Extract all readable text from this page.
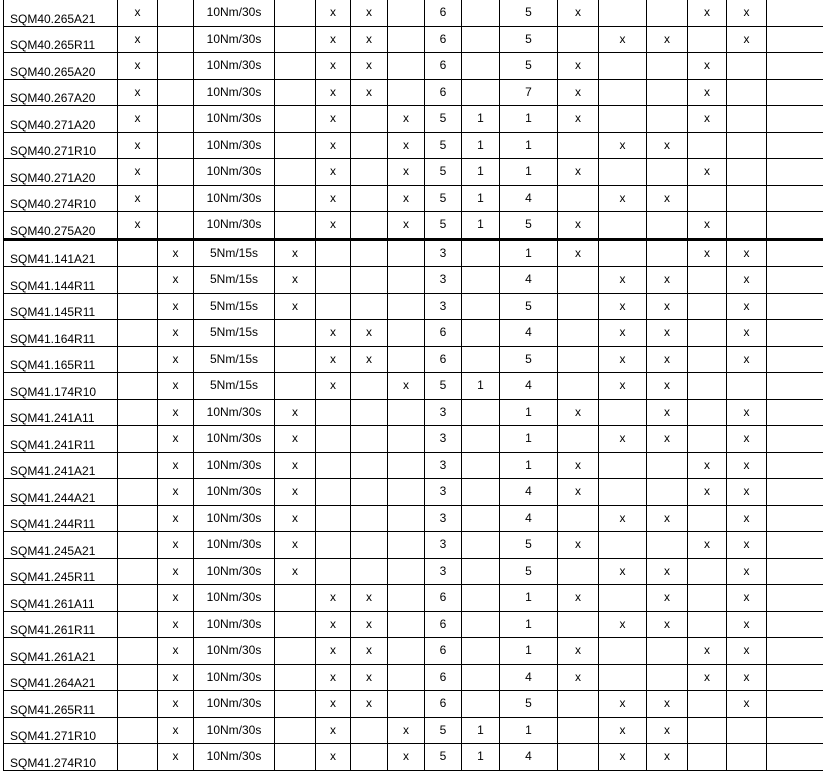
SQM40.265A21	x		10Nm/30s		x	x		6		5	x			x	x	

SQM40.265R11	x		10Nm/30s		x	x		6		5		x	x		x	

SQM40.265A20	x		10Nm/30s		x	x		6		5	x			x		

SQM40.267A20	x		10Nm/30s		x	x		6		7	x			x		

SQM40.271A20	x		10Nm/30s		x		x	5	1	1	x			x		

SQM40.271R10	x		10Nm/30s		x		x	5	1	1		x	x			

SQM40.271A20	x		10Nm/30s		x		x	5	1	1	x			x		

SQM40.274R10	x		10Nm/30s		x		x	5	1	4		x	x			

SQM40.275A20	x		10Nm/30s		x		x	5	1	5	x			x		

SQM41.141A21		x	5Nm/15s	x				3		1	x			x	x	

SQM41.144R11		x	5Nm/15s	x				3		4		x	x		x	

SQM41.145R11		x	5Nm/15s	x				3		5		x	x		x	

SQM41.164R11		x	5Nm/15s		x	x		6		4		x	x		x	

SQM41.165R11		x	5Nm/15s		x	x		6		5		x	x		x	

SQM41.174R10		x	5Nm/15s		x		x	5	1	4		x	x			

SQM41.241A11		x	10Nm/30s	x				3		1	x		x		x	

SQM41.241R11		x	10Nm/30s	x				3		1		x	x		x	

SQM41.241A21		x	10Nm/30s	x				3		1	x			x	x	

SQM41.244A21		x	10Nm/30s	x				3		4	x			x	x	

SQM41.244R11		x	10Nm/30s	x				3		4		x	x		x	

SQM41.245A21		x	10Nm/30s	x				3		5	x			x	x	

SQM41.245R11		x	10Nm/30s	x				3		5		x	x		x	

SQM41.261A11		x	10Nm/30s		x	x		6		1	x		x		x	

SQM41.261R11		x	10Nm/30s		x	x		6		1		x	x		x	

SQM41.261A21		x	10Nm/30s		x	x		6		1	x			x	x	

SQM41.264A21		x	10Nm/30s		x	x		6		4	x			x	x	

SQM41.265R11		x	10Nm/30s		x	x		6		5		x	x		x	

SQM41.271R10		x	10Nm/30s		x		x	5	1	1		x	x			

SQM41.274R10		x	10Nm/30s		x		x	5	1	4		x	x			
